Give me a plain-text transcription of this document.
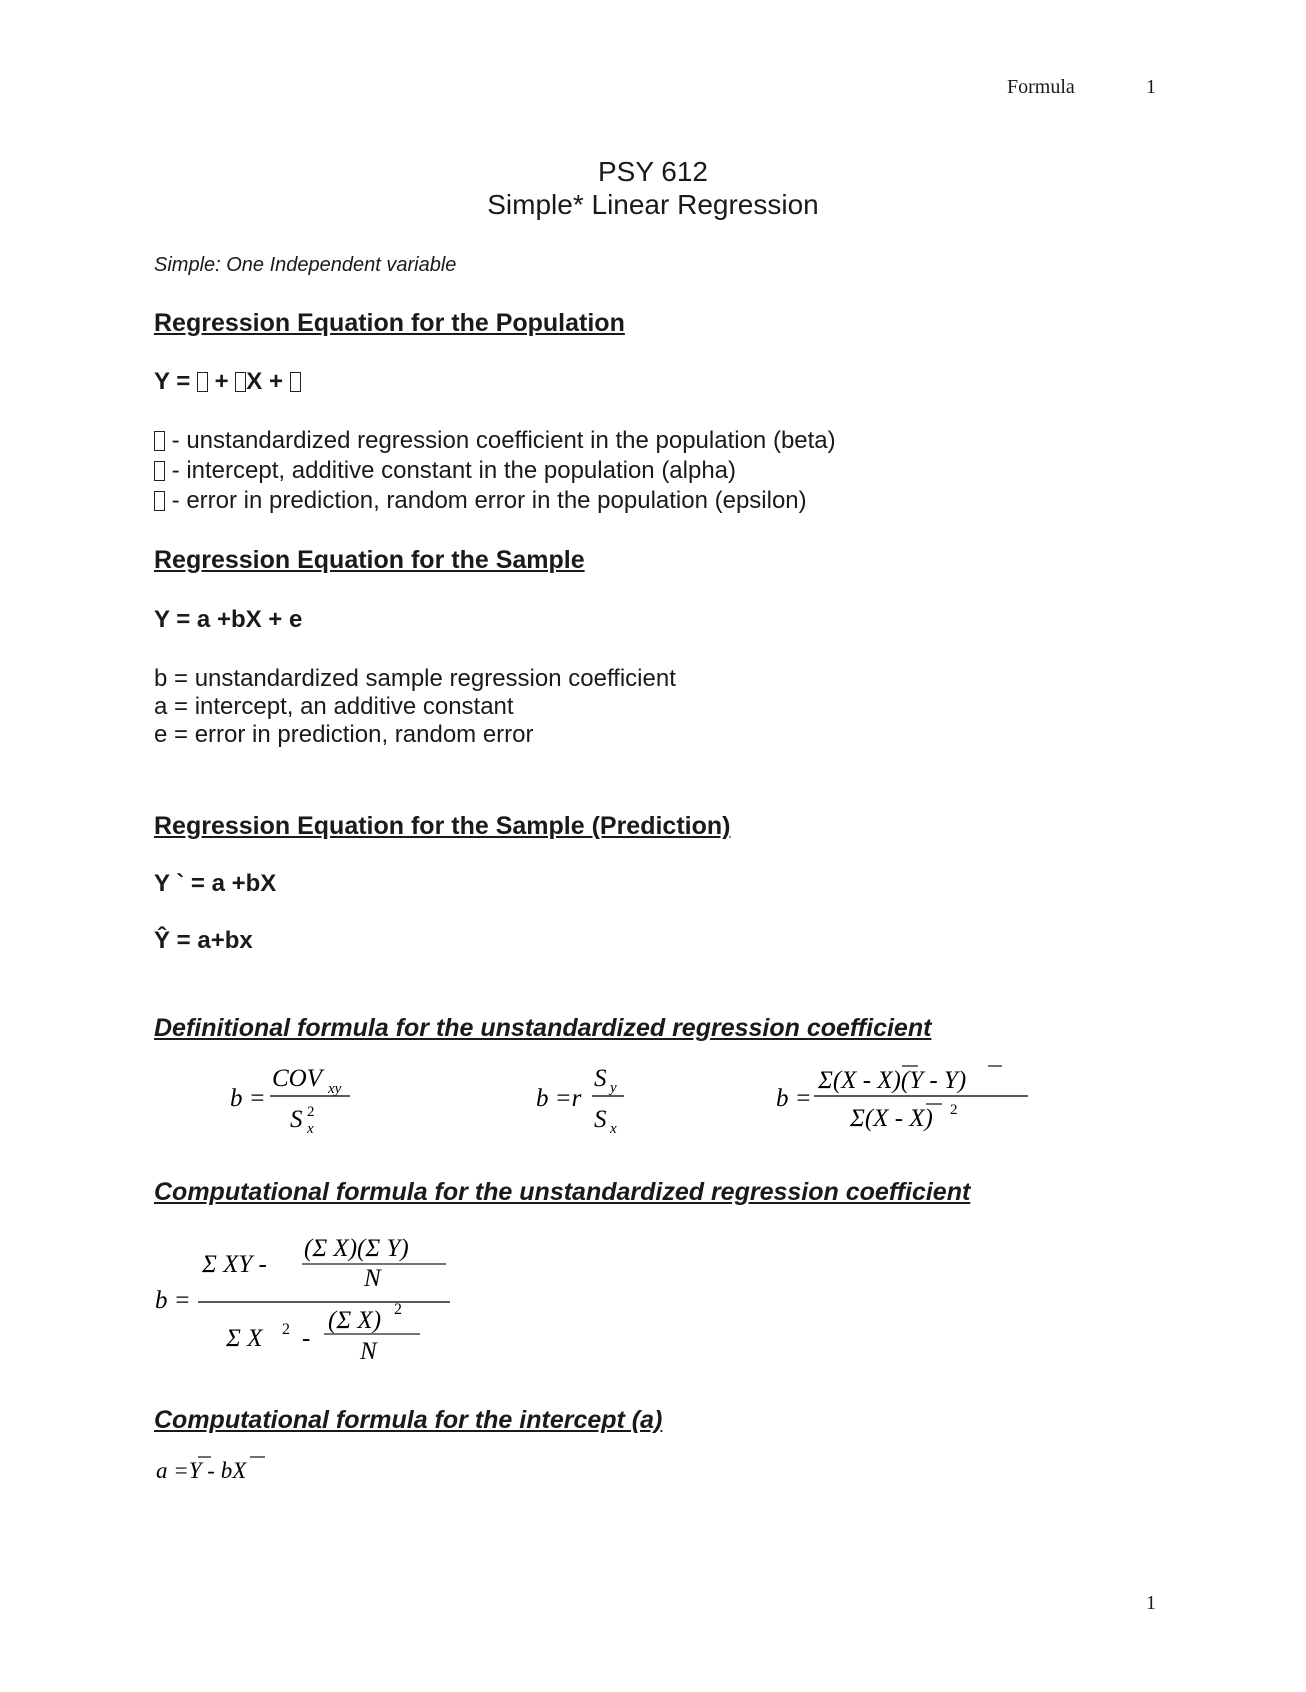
Formula	1
PSY 612
Simple* Linear Regression
Simple: One Independent variable
Regression Equation for the Population
Y =  + X +
- unstandardized regression coefficient in the population (beta)
- intercept, additive constant in the population (alpha)
- error in prediction, random error in the population (epsilon)
Regression Equation for the Sample
Y = a +bX + e
b = unstandardized sample regression coefficient
a = intercept, an additive constant
e = error in prediction, random error
Regression Equation for the Sample (Prediction)
Y ` = a +bX
Ŷ = a+bx
Definitional formula for the unstandardized regression coefficient
b =
COV xy
S 2
x
b =r
S y
S x
b =
Σ(X - X)(Y - Y)
Σ(X - X) 2
Computational formula for the unstandardized regression coefficient
b =
Σ XY -
(Σ X)(Σ Y)
N
Σ X 2 -
(Σ X) 2
N
Computational formula for the intercept (a)
a =Y - bX
1
